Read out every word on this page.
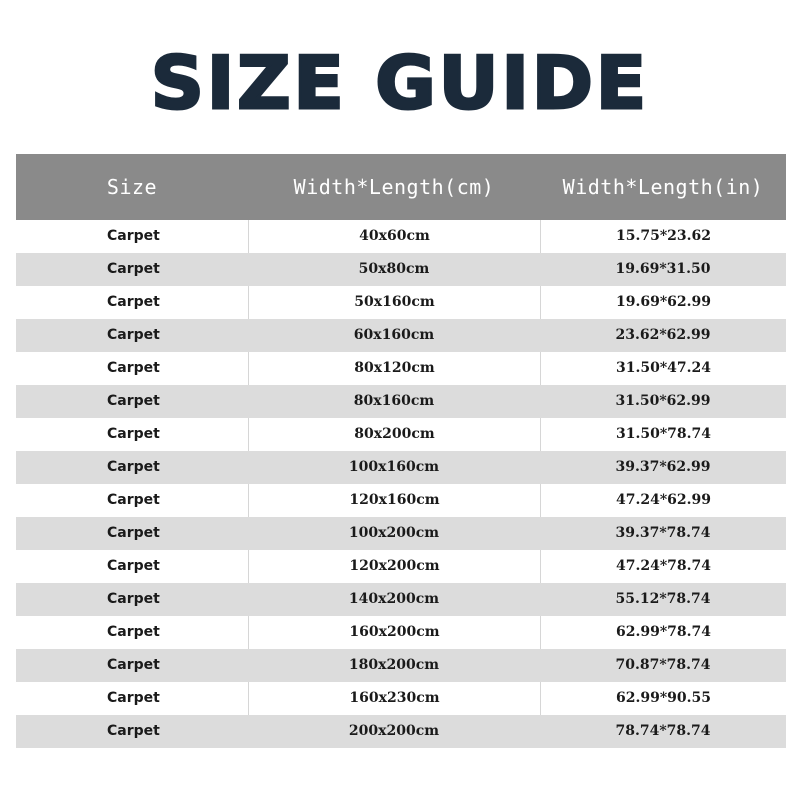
SIZE GUIDE
Size	Width*Length(cm)	Width*Length(in)
Carpet	40x60cm	15.75*23.62
Carpet	50x80cm	19.69*31.50
Carpet	50x160cm	19.69*62.99
Carpet	60x160cm	23.62*62.99
Carpet	80x120cm	31.50*47.24
Carpet	80x160cm	31.50*62.99
Carpet	80x200cm	31.50*78.74
Carpet	100x160cm	39.37*62.99
Carpet	120x160cm	47.24*62.99
Carpet	100x200cm	39.37*78.74
Carpet	120x200cm	47.24*78.74
Carpet	140x200cm	55.12*78.74
Carpet	160x200cm	62.99*78.74
Carpet	180x200cm	70.87*78.74
Carpet	160x230cm	62.99*90.55
Carpet	200x200cm	78.74*78.74
